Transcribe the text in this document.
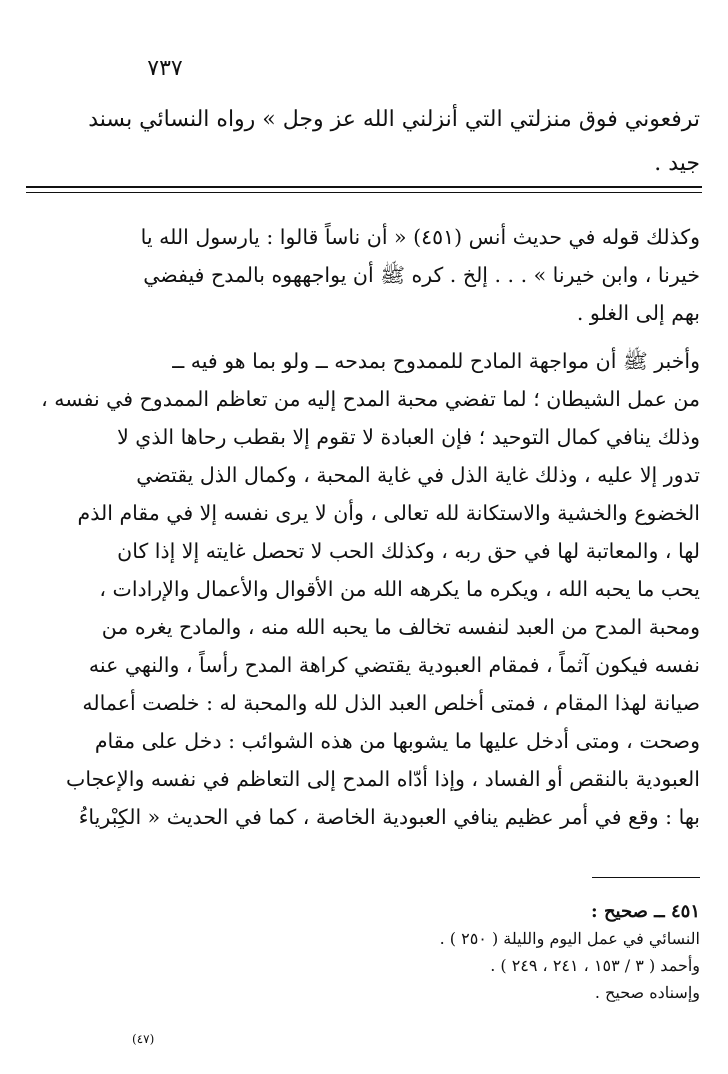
٧٣٧
ترفعوني فوق منزلتي التي أنزلني الله عز وجل » رواه النسائي بسند
جيد .
وكذلك قوله في حديث أنس (٤٥١) « أن ناساً قالوا : يارسول الله يا
خيرنا ، وابن خيرنا » . . . إلخ . كره ﷺ أن يواجههوه بالمدح فيفضي
بهم إلى الغلو .
وأخبر ﷺ أن مواجهة المادح للممدوح بمدحه ــ ولو بما هو فيه ــ
من عمل الشيطان ؛ لما تفضي محبة المدح إليه من تعاظم الممدوح في نفسه ،
وذلك ينافي كمال التوحيد ؛ فإن العبادة لا تقوم إلا بقطب رحاها الذي لا
تدور إلا عليه ، وذلك غاية الذل في غاية المحبة ، وكمال الذل يقتضي
الخضوع والخشية والاستكانة لله تعالى ، وأن لا يرى نفسه إلا في مقام الذم
لها ، والمعاتبة لها في حق ربه ، وكذلك الحب لا تحصل غايته إلا إذا كان
يحب ما يحبه الله ، ويكره ما يكرهه الله من الأقوال والأعمال والإرادات ،
ومحبة المدح من العبد لنفسه تخالف ما يحبه الله منه ، والمادح يغره من
نفسه فيكون آثماً ، فمقام العبودية يقتضي كراهة المدح رأساً ، والنهي عنه
صيانة لهذا المقام ، فمتى أخلص العبد الذل لله والمحبة له : خلصت أعماله
وصحت ، ومتى أدخل عليها ما يشوبها من هذه الشوائب : دخل على مقام
العبودية بالنقص أو الفساد ، وإذا أدّاه المدح إلى التعاظم في نفسه والإعجاب
بها : وقع في أمر عظيم ينافي العبودية الخاصة ، كما في الحديث « الكِبْرياءُ
٤٥١ ــ صحيح :
النسائي في عمل اليوم والليلة ( ٢٥٠ ) .
وأحمد ( ٣ / ١٥٣ ، ٢٤١ ، ٢٤٩ ) .
وإسناده صحيح .
(٤٧)
